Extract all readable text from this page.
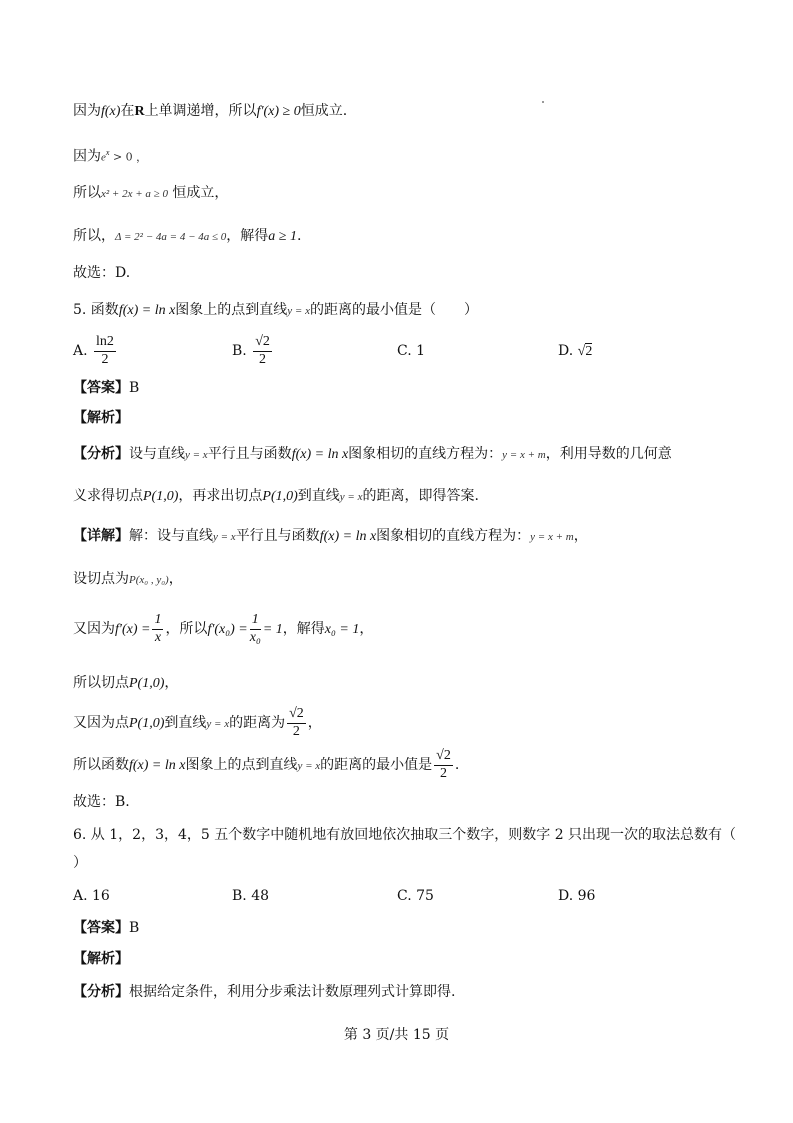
因为f(x)在R上单调递增，所以f′(x) ≥ 0恒成立.
因为$e^x > 0$ ，
所以x² + 2x + a ≥ 0 恒成立，
所以，Δ = 2² − 4a = 4 − 4a ≤ 0，解得a ≥ 1.
故选：D.
5. 函数f(x) = ln x图象上的点到直线y = x的距离的最小值是（　　）
A. $\frac{\ln 2}{2}$	B. $\frac{√2}{2}$	C. 1	D. √2
【答案】B
【解析】
【分析】设与直线y = x平行且与函数f(x) = ln x图象相切的直线方程为：y = x + m，利用导数的几何意
义求得切点P(1,0)，再求出切点P(1,0)到直线y = x的距离，即得答案.
【详解】解：设与直线y = x平行且与函数f(x) = ln x图象相切的直线方程为：y = x + m，
设切点为P(x₀ , y₀)，
又因为$f'(x) = \frac{1}{x}$ ，所以$f'(x_0) = \frac{1}{\text{x₀}} = 1$，解得x₀ = 1，
所以切点P(1,0)，
又因为点P(1,0)到直线y = x的距离为 $\frac{√2}{2}$ ，
所以函数f(x) = ln x图象上的点到直线y = x的距离的最小值是 $\frac{√2}{2}$ .
故选：B.
6. 从 1，2，3，4，5 五个数字中随机地有放回地依次抽取三个数字，则数字 2 只出现一次的取法总数有（
）
A. 16	B. 48	C. 75	D. 96
【答案】B
【解析】
【分析】根据给定条件，利用分步乘法计数原理列式计算即得.
第 3 页/共 15 页
